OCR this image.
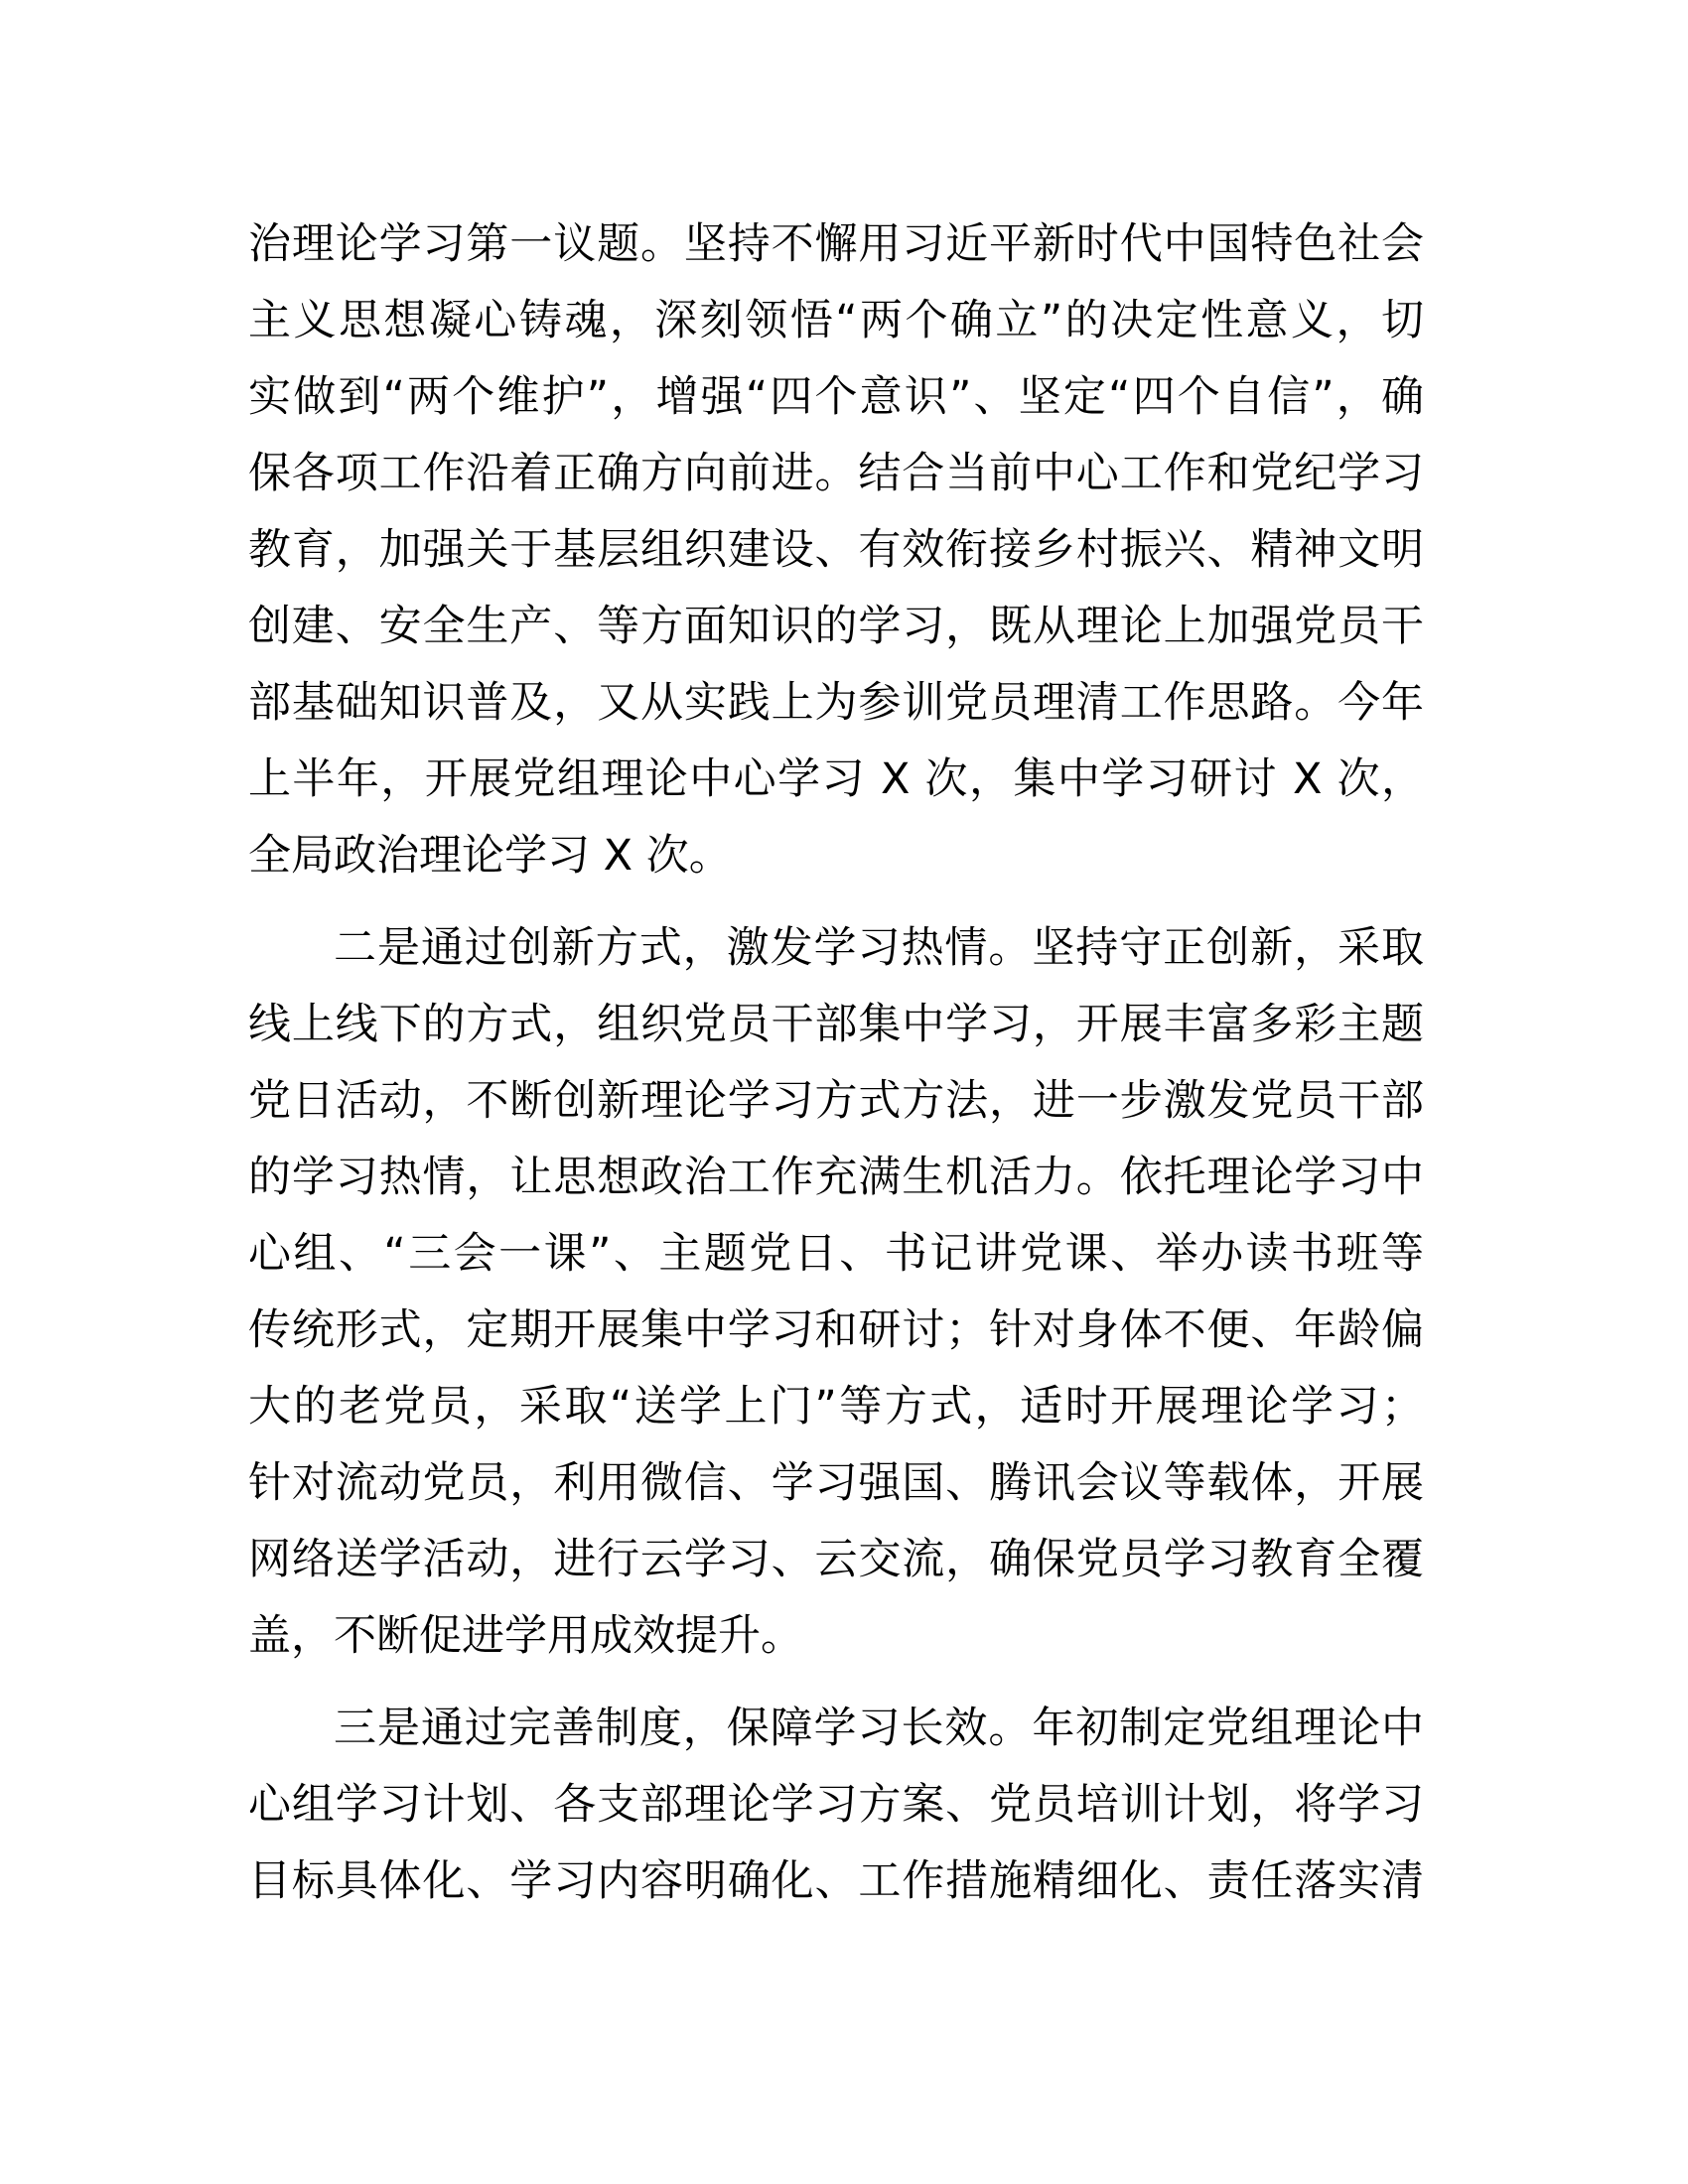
治理论学习第一议题。坚持不懈用习近平新时代中国特色社会
主义思想凝心铸魂，深刻领悟“两个确立”的决定性意义，切
实做到“两个维护”，增强“四个意识”、坚定“四个自信”，确
保各项工作沿着正确方向前进。结合当前中心工作和党纪学习
教育，加强关于基层组织建设、有效衔接乡村振兴、精神文明
创建、安全生产、等方面知识的学习，既从理论上加强党员干
部基础知识普及，又从实践上为参训党员理清工作思路。今年
上半年，开展党组理论中心学习 X 次，集中学习研讨 X 次，
全局政治理论学习 X 次。
二是通过创新方式，激发学习热情。坚持守正创新，采取
线上线下的方式，组织党员干部集中学习，开展丰富多彩主题
党日活动，不断创新理论学习方式方法，进一步激发党员干部
的学习热情，让思想政治工作充满生机活力。依托理论学习中
心组、“三会一课”、主题党日、书记讲党课、举办读书班等
传统形式，定期开展集中学习和研讨；针对身体不便、年龄偏
大的老党员，采取“送学上门”等方式，适时开展理论学习；
针对流动党员，利用微信、学习强国、腾讯会议等载体，开展
网络送学活动，进行云学习、云交流，确保党员学习教育全覆
盖，不断促进学用成效提升。
三是通过完善制度，保障学习长效。年初制定党组理论中
心组学习计划、各支部理论学习方案、党员培训计划，将学习
目标具体化、学习内容明确化、工作措施精细化、责任落实清
